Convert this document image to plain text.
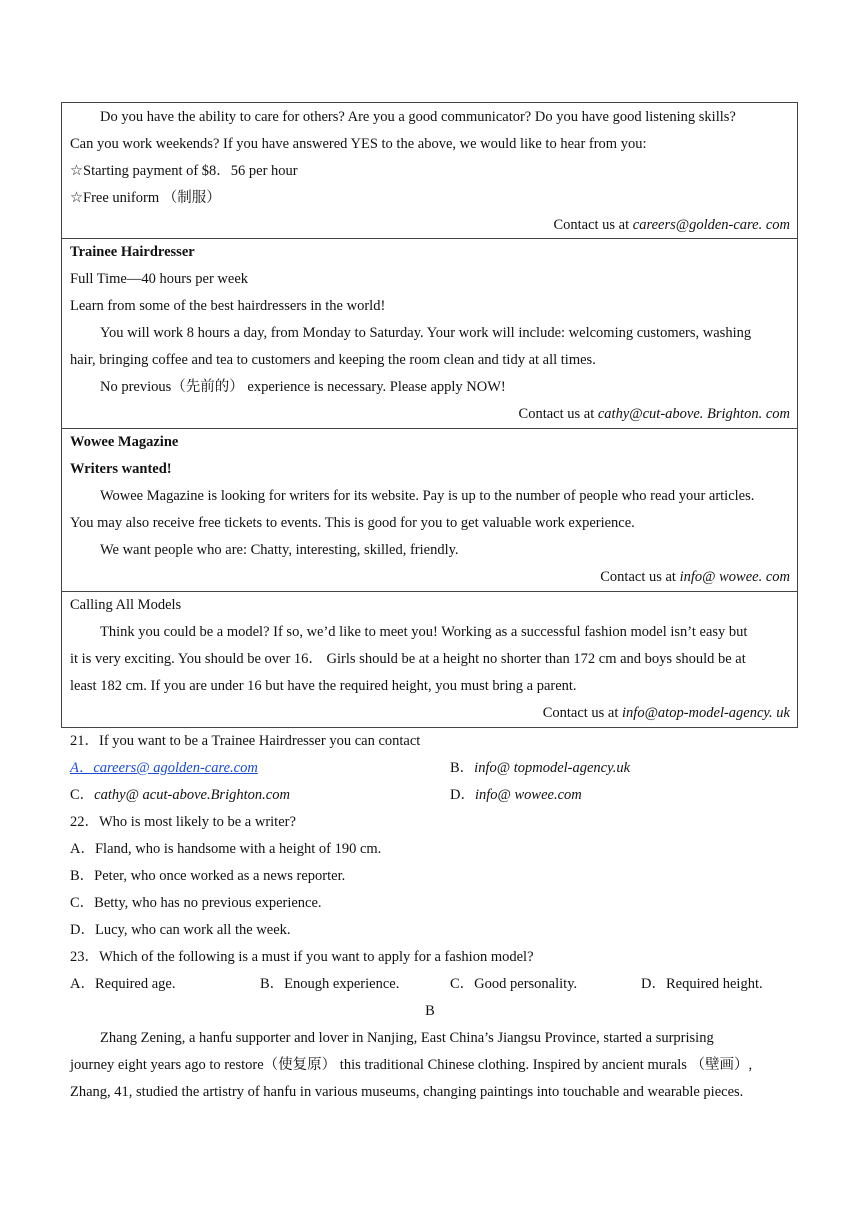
Do you have the ability to care for others? Are you a good communicator? Do you have good listening skills?
Can you work weekends? If you have answered YES to the above, we would like to hear from you:
☆Starting payment of $8．56 per hour
☆Free uniform （制服）
Contact us at careers@golden-care. com
Trainee Hairdresser
Full Time—40 hours per week
Learn from some of the best hairdressers in the world!
You will work 8 hours a day, from Monday to Saturday. Your work will include: welcoming customers, washing
hair, bringing coffee and tea to customers and keeping the room clean and tidy at all times.
No previous（先前的） experience is necessary. Please apply NOW!
Contact us at cathy@cut-above. Brighton. com
Wowee Magazine
Writers wanted!
Wowee Magazine is looking for writers for its website. Pay is up to the number of people who read your articles.
You may also receive free tickets to events. This is good for you to get valuable work experience.
We want people who are: Chatty, interesting, skilled, friendly.
Contact us at info@ wowee. com
Calling All Models
Think you could be a model? If so, we’d like to meet you! Working as a successful fashion model isn’t easy but
it is very exciting. You should be over 16． Girls should be at a height no shorter than 172 cm and boys should be at
least 182 cm. If you are under 16 but have the required height, you must bring a parent.
Contact us at info@atop-model-agency. uk
21．If you want to be a Trainee Hairdresser you can contact
A．careers@ agolden-care.com	B．info@ topmodel-agency.uk
C．cathy@ acut-above.Brighton.com	D．info@ wowee.com
22．Who is most likely to be a writer?
A．Fland, who is handsome with a height of 190 cm.
B．Peter, who once worked as a news reporter.
C．Betty, who has no previous experience.
D．Lucy, who can work all the week.
23．Which of the following is a must if you want to apply for a fashion model?
A．Required age.	B．Enough experience.	C．Good personality.	D．Required height.
B
Zhang Zening, a hanfu supporter and lover in Nanjing, East China’s Jiangsu Province, started a surprising
journey eight years ago to restore（使复原） this traditional Chinese clothing. Inspired by ancient murals （壁画）,
Zhang, 41, studied the artistry of hanfu in various museums, changing paintings into touchable and wearable pieces.
